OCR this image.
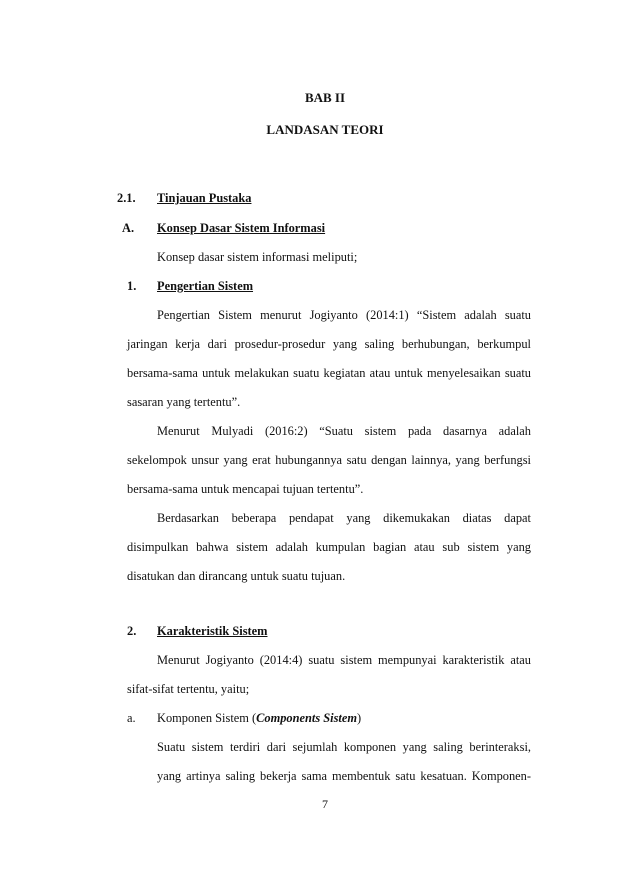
BAB II
LANDASAN TEORI
2.1. Tinjauan Pustaka
A. Konsep Dasar Sistem Informasi
Konsep dasar sistem informasi meliputi;
1. Pengertian Sistem
Pengertian Sistem menurut Jogiyanto (2014:1) “Sistem adalah suatu
jaringan kerja dari prosedur-prosedur yang saling berhubungan, berkumpul
bersama-sama untuk melakukan suatu kegiatan atau untuk menyelesaikan suatu
sasaran yang tertentu”.
Menurut Mulyadi (2016:2) “Suatu sistem pada dasarnya adalah
sekelompok unsur yang erat hubungannya satu dengan lainnya, yang berfungsi
bersama-sama untuk mencapai tujuan tertentu”.
Berdasarkan beberapa pendapat yang dikemukakan diatas dapat
disimpulkan bahwa sistem adalah kumpulan bagian atau sub sistem yang
disatukan dan dirancang untuk suatu tujuan.
2. Karakteristik Sistem
Menurut Jogiyanto (2014:4) suatu sistem mempunyai karakteristik atau
sifat-sifat tertentu, yaitu;
a. Komponen Sistem (Components Sistem)
Suatu sistem terdiri dari sejumlah komponen yang saling berinteraksi,
yang artinya saling bekerja sama membentuk satu kesatuan. Komponen-
7
